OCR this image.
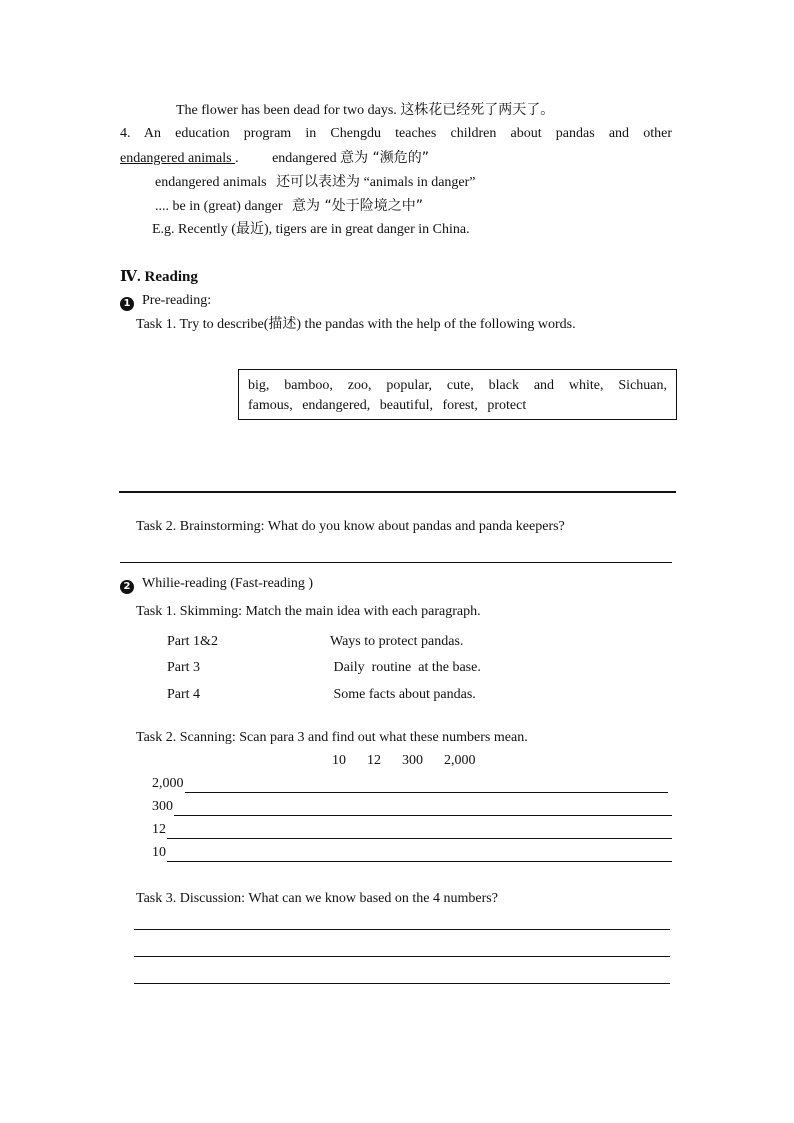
The flower has been dead for two days. 这株花已经死了两天了。
4. An education program in Chengdu teaches children about pandas and other
endangered animals . endangered 意为 “濒危的”
endangered animals 还可以表述为 “animals in danger”
.... be in (great) danger 意为 “处于险境之中”
E.g. Recently (最近), tigers are in great danger in China.
Ⅳ. Reading
1 Pre-reading:
Task 1. Try to describe(描述) the pandas with the help of the following words.
big, bamboo, zoo, popular, cute, black and white, Sichuan,
famous, endangered, beautiful, forest, protect
Task 2. Brainstorming: What do you know about pandas and panda keepers?
2 Whilie-reading (Fast-reading )
Task 1. Skimming: Match the main idea with each paragraph.
Part 1&2	Ways to protect pandas.
Part 3	Daily  routine  at the base.
Part 4	Some facts about pandas.
Task 2. Scanning: Scan para 3 and find out what these numbers mean.
10      12      300      2,000
2,000
300
12
10
Task 3. Discussion: What can we know based on the 4 numbers?
